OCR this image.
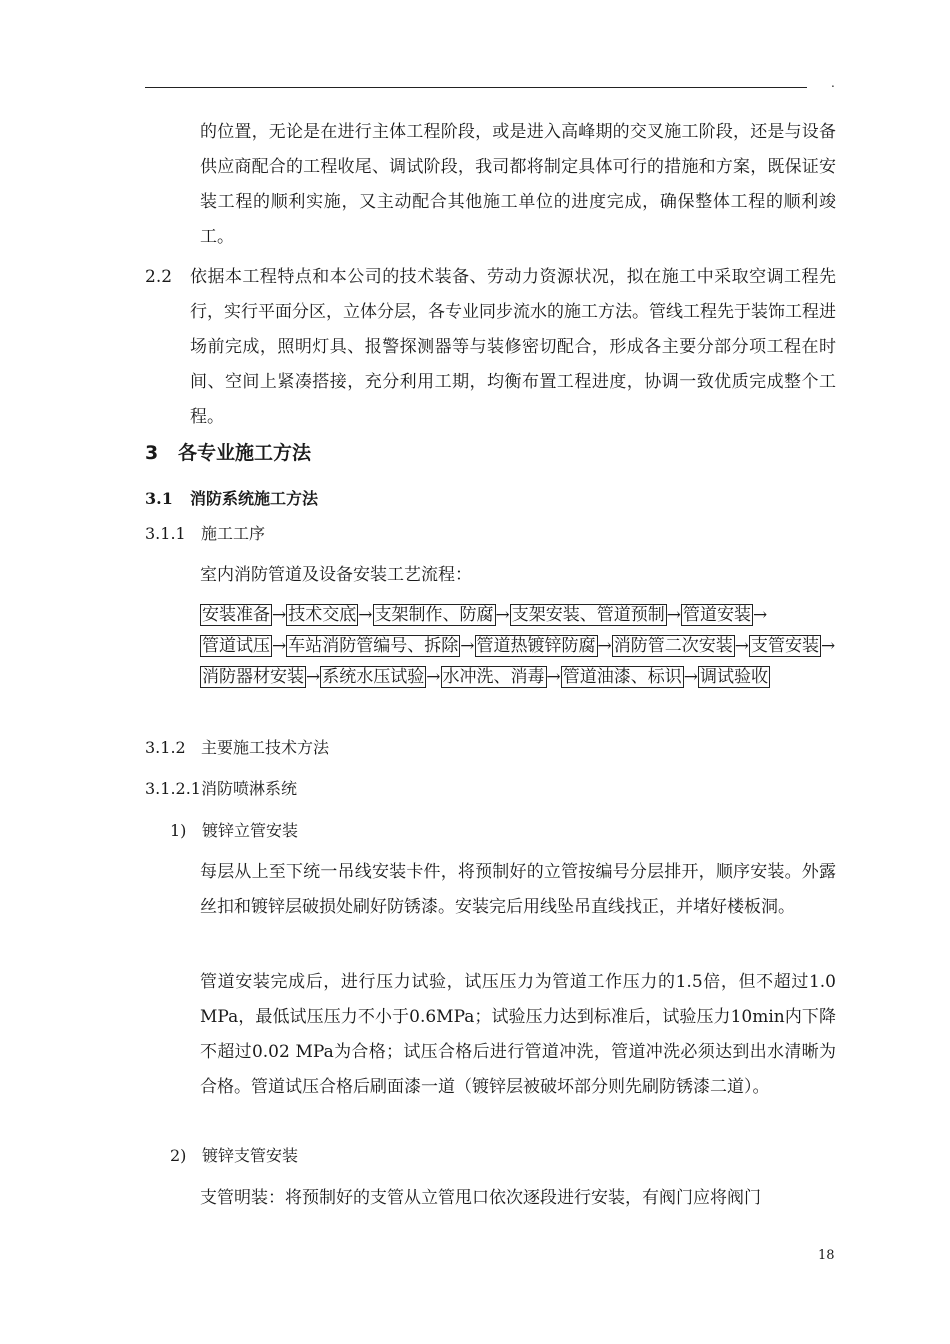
.
的位置，无论是在进行主体工程阶段，或是进入高峰期的交叉施工阶段，还是与设备供应商配合的工程收尾、调试阶段，我司都将制定具体可行的措施和方案，既保证安装工程的顺利实施，又主动配合其他施工单位的进度完成，确保整体工程的顺利竣工。
2.2 依据本工程特点和本公司的技术装备、劳动力资源状况，拟在施工中采取空调工程先行，实行平面分区，立体分层，各专业同步流水的施工方法。管线工程先于装饰工程进场前完成，照明灯具、报警探测器等与装修密切配合，形成各主要分部分项工程在时间、空间上紧凑搭接，充分利用工期，均衡布置工程进度，协调一致优质完成整个工程。
3 各专业施工方法
3.1 消防系统施工方法
3.1.1 施工工序
室内消防管道及设备安装工艺流程：
安装准备 → 技术交底 → 支架制作、防腐 → 支架安装、管道预制 → 管道安装 →管道试压 → 车站消防管编号、拆除 → 管道热镀锌防腐 → 消防管二次安装 → 支管安装 →消防器材安装 → 系统水压试验 → 水冲洗、消毒 → 管道油漆、标识 → 调试验收
3.1.2 主要施工技术方法
3.1.2.1消防喷淋系统
1) 镀锌立管安装
每层从上至下统一吊线安装卡件，将预制好的立管按编号分层排开，顺序安装。外露丝扣和镀锌层破损处刷好防锈漆。安装完后用线坠吊直线找正，并堵好楼板洞。
管道安装完成后，进行压力试验，试压压力为管道工作压力的1.5倍，但不超过1.0 MPa，最低试压压力不小于0.6MPa；试验压力达到标准后，试验压力10min内下降不超过0.02 MPa为合格；试压合格后进行管道冲洗，管道冲洗必须达到出水清晰为合格。管道试压合格后刷面漆一道（镀锌层被破坏部分则先刷防锈漆二道）。
2) 镀锌支管安装
支管明装：将预制好的支管从立管甩口依次逐段进行安装，有阀门应将阀门
18
